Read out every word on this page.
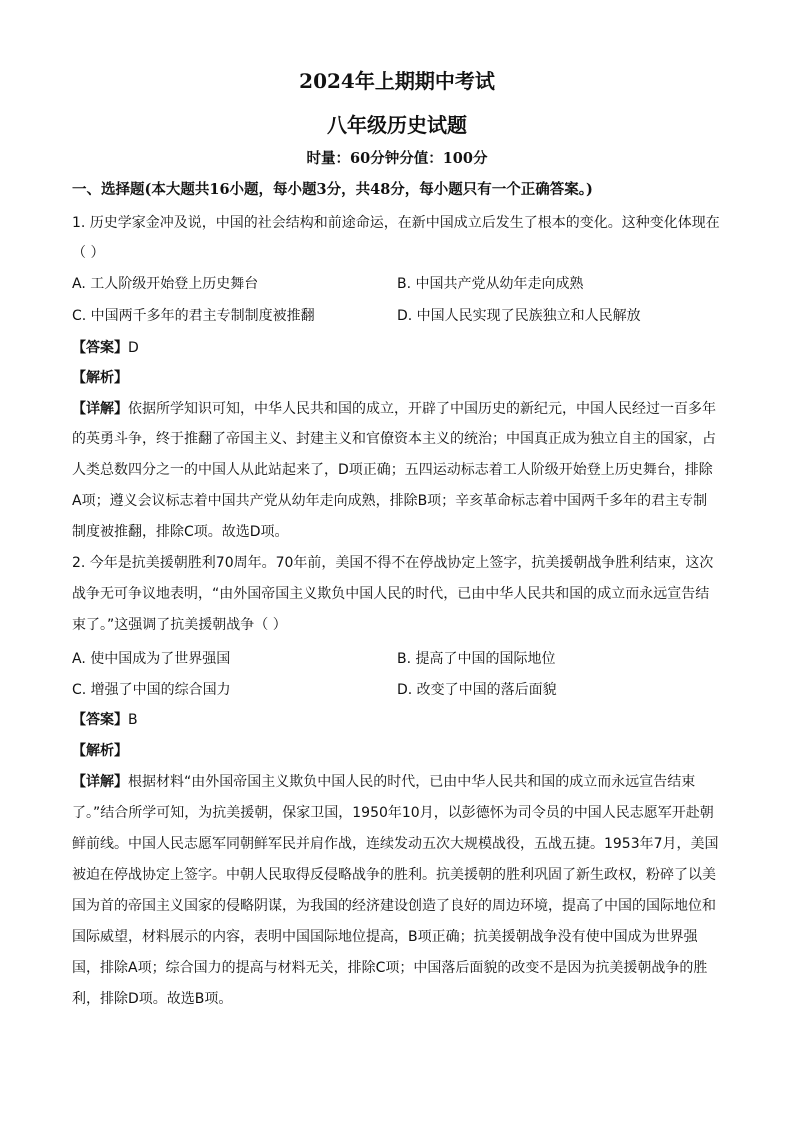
2024年上期期中考试
八年级历史试题
时量：60分钟分值：100分
一、选择题(本大题共16小题，每小题3分，共48分，每小题只有一个正确答案。)
1. 历史学家金冲及说，中国的社会结构和前途命运，在新中国成立后发生了根本的变化。这种变化体现在
（ ）
A. 工人阶级开始登上历史舞台	B. 中国共产党从幼年走向成熟
C. 中国两千多年的君主专制制度被推翻	D. 中国人民实现了民族独立和人民解放
【答案】D
【解析】
【详解】依据所学知识可知，中华人民共和国的成立，开辟了中国历史的新纪元，中国人民经过一百多年
的英勇斗争，终于推翻了帝国主义、封建主义和官僚资本主义的统治；中国真正成为独立自主的国家，占
人类总数四分之一的中国人从此站起来了，D项正确；五四运动标志着工人阶级开始登上历史舞台，排除
A项；遵义会议标志着中国共产党从幼年走向成熟，排除B项；辛亥革命标志着中国两千多年的君主专制
制度被推翻，排除C项。故选D项。
2. 今年是抗美援朝胜利70周年。70年前，美国不得不在停战协定上签字，抗美援朝战争胜利结束，这次
战争无可争议地表明，“由外国帝国主义欺负中国人民的时代，已由中华人民共和国的成立而永远宣告结
束了。”这强调了抗美援朝战争（ ）
A. 使中国成为了世界强国	B. 提高了中国的国际地位
C. 增强了中国的综合国力	D. 改变了中国的落后面貌
【答案】B
【解析】
【详解】根据材料“由外国帝国主义欺负中国人民的时代，已由中华人民共和国的成立而永远宣告结束
了。”结合所学可知，为抗美援朝，保家卫国，1950年10月，以彭德怀为司令员的中国人民志愿军开赴朝
鲜前线。中国人民志愿军同朝鲜军民并肩作战，连续发动五次大规模战役，五战五捷。1953年7月，美国
被迫在停战协定上签字。中朝人民取得反侵略战争的胜利。抗美援朝的胜利巩固了新生政权，粉碎了以美
国为首的帝国主义国家的侵略阴谋，为我国的经济建设创造了良好的周边环境，提高了中国的国际地位和
国际威望，材料展示的内容，表明中国国际地位提高，B项正确；抗美援朝战争没有使中国成为世界强
国，排除A项；综合国力的提高与材料无关，排除C项；中国落后面貌的改变不是因为抗美援朝战争的胜
利，排除D项。故选B项。
